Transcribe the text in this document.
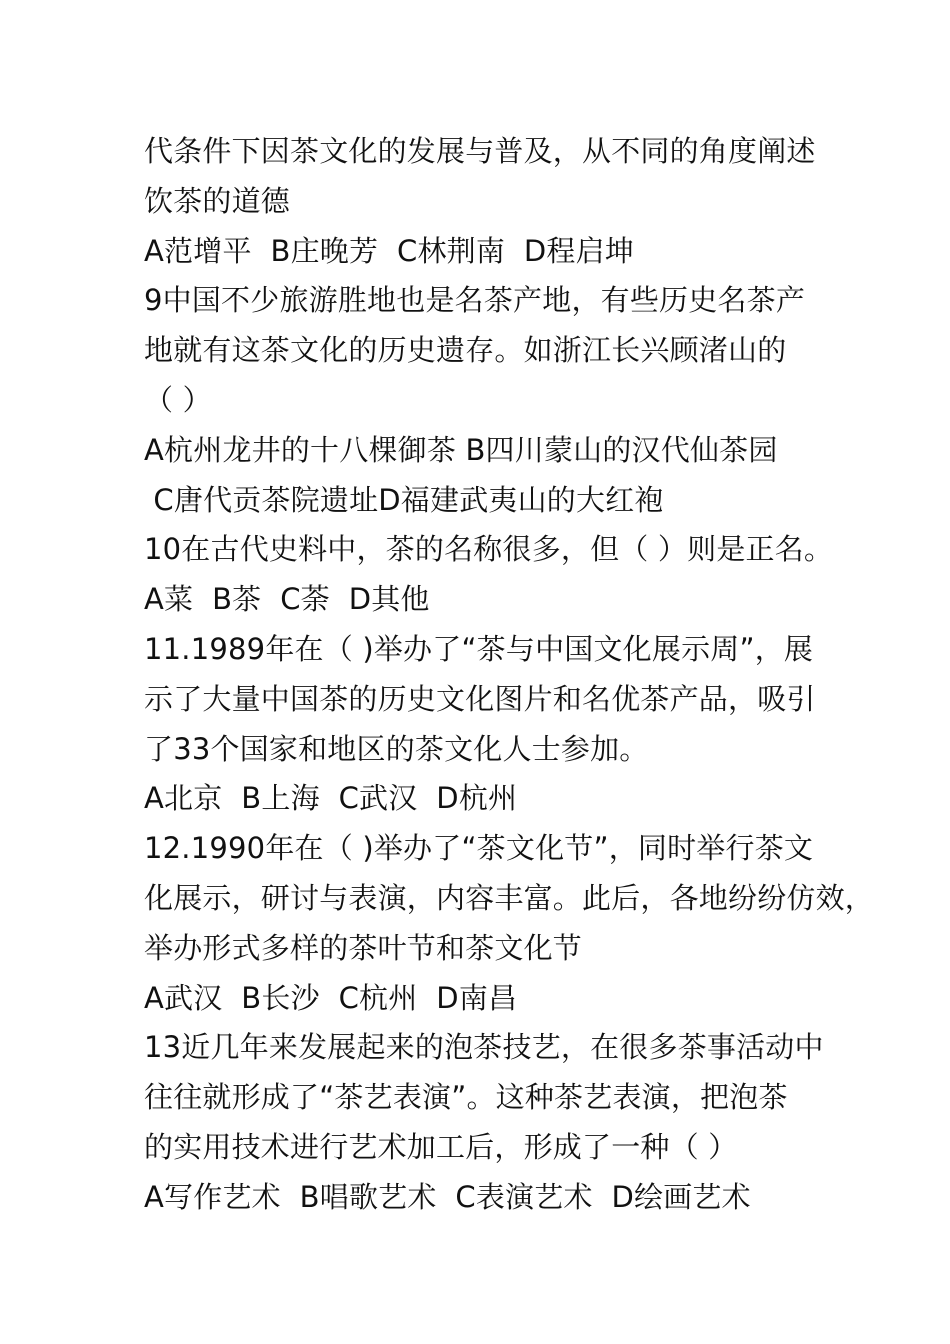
代条件下因茶文化的发展与普及，从不同的角度阐述
饮茶的道德
A范增平  B庄晚芳  C林荆南  D程启坤
9中国不少旅游胜地也是名茶产地，有些历史名茶产
地就有这茶文化的历史遗存。如浙江长兴顾渚山的
（ ）
A杭州龙井的十八棵御茶 B四川蒙山的汉代仙茶园
C唐代贡茶院遗址D福建武夷山的大红袍
10在古代史料中，茶的名称很多，但（ ）则是正名。
A菜  B茶  C荼  D其他
11.1989年在（ )举办了“茶与中国文化展示周”，展
示了大量中国茶的历史文化图片和名优茶产品，吸引
了33个国家和地区的茶文化人士参加。
A北京  B上海  C武汉  D杭州
12.1990年在（ )举办了“茶文化节”，同时举行茶文
化展示，研讨与表演，内容丰富。此后，各地纷纷仿效，
举办形式多样的茶叶节和茶文化节
A武汉  B长沙  C杭州  D南昌
13近几年来发展起来的泡茶技艺，在很多茶事活动中
往往就形成了“茶艺表演”。这种茶艺表演，把泡茶
的实用技术进行艺术加工后，形成了一种（ ）
A写作艺术  B唱歌艺术  C表演艺术  D绘画艺术
